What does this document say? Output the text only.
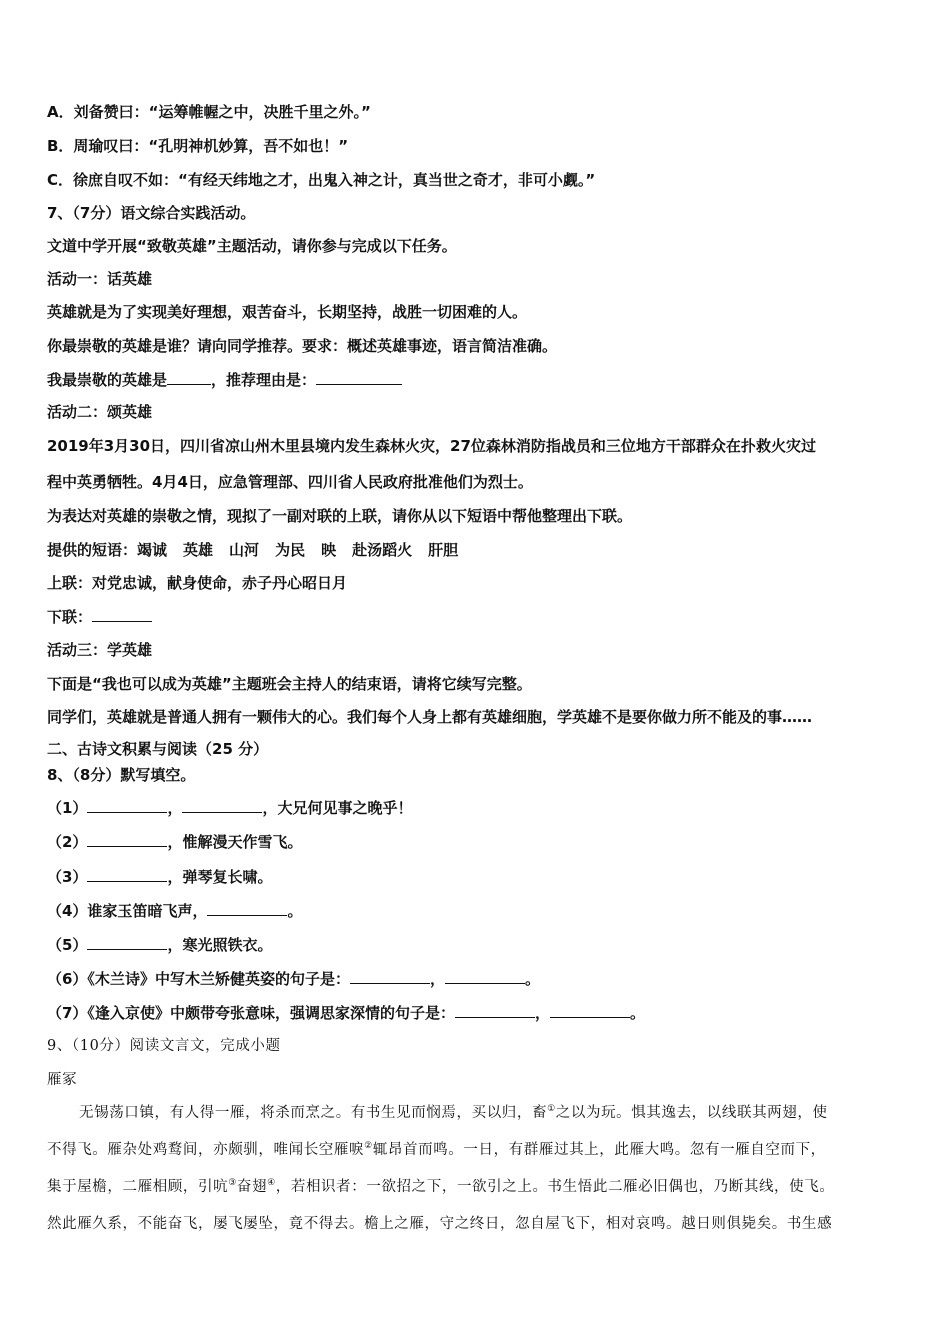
A．刘备赞曰：“运筹帷幄之中，决胜千里之外。”
B．周瑜叹曰：“孔明神机妙算，吾不如也！”
C．徐庶自叹不如：“有经天纬地之才，出鬼入神之计，真当世之奇才，非可小觑。”
7、（7分）语文综合实践活动。
文道中学开展“致敬英雄”主题活动，请你参与完成以下任务。
活动一：话英雄
英雄就是为了实现美好理想，艰苦奋斗，长期坚持，战胜一切困难的人。
你最崇敬的英雄是谁？请向同学推荐。要求：概述英雄事迹，语言简洁准确。
我最崇敬的英雄是	，推荐理由是：
活动二：颂英雄
2019年3月30日，四川省凉山州木里县境内发生森林火灾，27位森林消防指战员和三位地方干部群众在扑救火灾过
程中英勇牺牲。4月4日，应急管理部、四川省人民政府批准他们为烈士。
为表达对英雄的崇敬之情，现拟了一副对联的上联，请你从以下短语中帮他整理出下联。
提供的短语：竭诚 英雄 山河 为民 映 赴汤蹈火 肝胆
上联：对党忠诚，献身使命，赤子丹心昭日月
下联：
活动三：学英雄
下面是“我也可以成为英雄”主题班会主持人的结束语，请将它续写完整。
同学们，英雄就是普通人拥有一颗伟大的心。我们每个人身上都有英雄细胞，学英雄不是要你做力所不能及的事……
二、古诗文积累与阅读（25 分）
8、（8分）默写填空。
（1）	，	，大兄何见事之晚乎！
（2）	，惟解漫天作雪飞。
（3）	，弹琴复长啸。
（4）谁家玉笛暗飞声，	。
（5）	，寒光照铁衣。
（6）《木兰诗》中写木兰矫健英姿的句子是：	，	。
（7）《逢入京使》中颇带夸张意味，强调思家深情的句子是：	，	。
9、（10分）阅读文言文，完成小题
雁冢
无锡荡口镇，有人得一雁，将杀而烹之。有书生见而悯焉，买以归，畜①之以为玩。惧其逸去，以线联其两翅，使
不得飞。雁杂处鸡鹜间，亦颇驯，唯闻长空雁唳②辄昂首而鸣。一日，有群雁过其上，此雁大鸣。忽有一雁自空而下，
集于屋檐，二雁相顾，引吭③奋翅④，若相识者：一欲招之下，一欲引之上。书生悟此二雁必旧偶也，乃断其线，使飞。
然此雁久系，不能奋飞，屡飞屡坠，竟不得去。檐上之雁，守之终日，忽自屋飞下，相对哀鸣。越日则俱毙矣。书生感
